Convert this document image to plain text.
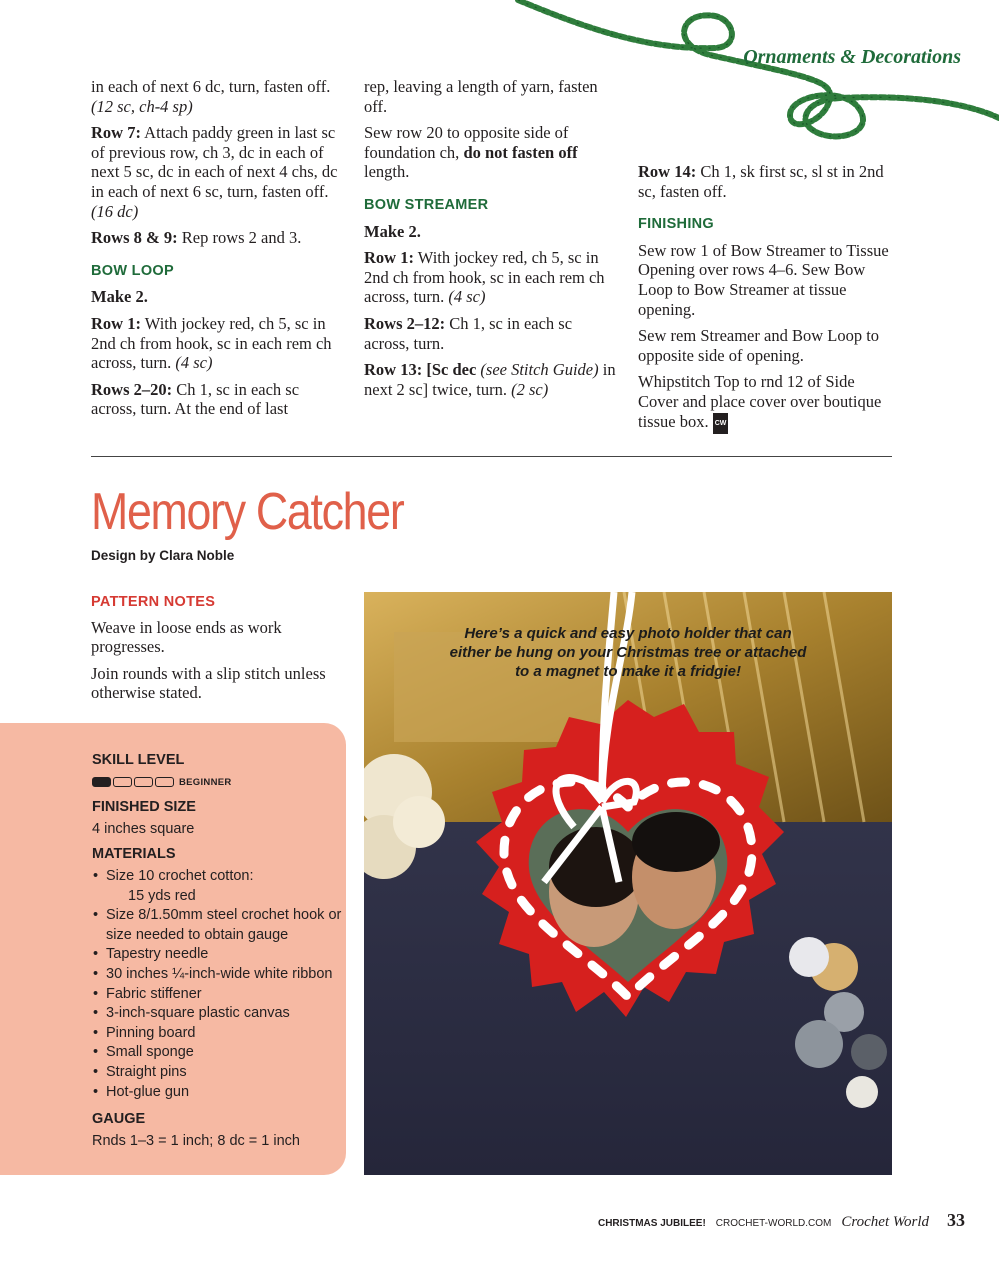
Ornaments & Decorations

in each of next 6 dc, turn, fasten off. (12 sc, ch-4 sp)

Row 7: Attach paddy green in last sc of previous row, ch 3, dc in each of next 5 sc, dc in each of next 4 chs, dc in each of next 6 sc, turn, fasten off. (16 dc)

Rows 8 & 9: Rep rows 2 and 3.

BOW LOOP

Make 2.

Row 1: With jockey red, ch 5, sc in 2nd ch from hook, sc in each rem ch across, turn. (4 sc)

Rows 2–20: Ch 1, sc in each sc across, turn. At the end of last

rep, leaving a length of yarn, fasten off.

Sew row 20 to opposite side of foundation ch, do not fasten off length.

BOW STREAMER

Make 2.

Row 1: With jockey red, ch 5, sc in 2nd ch from hook, sc in each rem ch across, turn. (4 sc)

Rows 2–12: Ch 1, sc in each sc across, turn.

Row 13: [Sc dec (see Stitch Guide) in next 2 sc] twice, turn. (2 sc)

Row 14: Ch 1, sk first sc, sl st in 2nd sc, fasten off.

FINISHING

Sew row 1 of Bow Streamer to Tissue Opening over rows 4–6. Sew Bow Loop to Bow Streamer at tissue opening.

Sew rem Streamer and Bow Loop to opposite side of opening.

Whipstitch Top to rnd 12 of Side Cover and place cover over boutique tissue box. CW

Memory Catcher
Design by Clara Noble
PATTERN NOTES

Weave in loose ends as work progresses.

Join rounds with a slip stitch unless otherwise stated.

SKILL LEVEL
BEGINNER
FINISHED SIZE
4 inches square
MATERIALS
• Size 10 crochet cotton:
15 yds red
• Size 8/1.50mm steel crochet hook or size needed to obtain gauge
• Tapestry needle
• 30 inches ¼-inch-wide white ribbon
• Fabric stiffener
• 3-inch-square plastic canvas
• Pinning board
• Small sponge
• Straight pins
• Hot-glue gun
GAUGE
Rnds 1–3 = 1 inch; 8 dc = 1 inch
Here’s a quick and easy photo holder that can either be hung on your Christmas tree or attached to a magnet to make it a fridgie!
CHRISTMAS JUBILEE! CROCHET-WORLD.COM Crochet World 33
